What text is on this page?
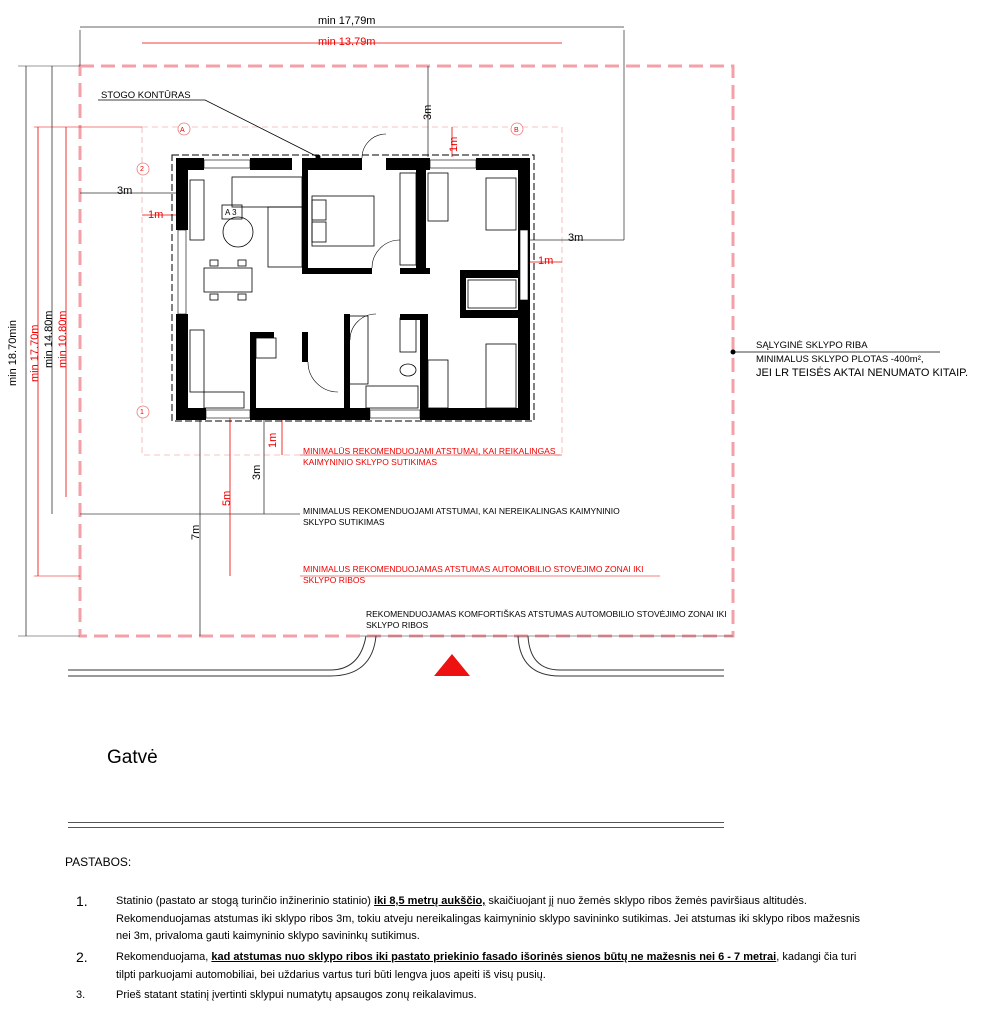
min 17,79m
min 13.79m
min 18.70min min 17.70m min 14.80m min 10.80m
3m
1m
3m
1m
3m
1m
1m
3m
5m
7m
A	B
2
1
A 3
STOGO KONTŪRAS
SĄLYGINĖ SKLYPO RIBA
MINIMALUS SKLYPO PLOTAS -400m²,
JEI LR TEISĖS AKTAI NENUMATO KITAIP.
MINIMALŪS REKOMENDUOJAMI ATSTUMAI, KAI REIKALINGAS
KAIMYNINIO SKLYPO SUTIKIMAS
MINIMALUS REKOMENDUOJAMI ATSTUMAI, KAI NEREIKALINGAS KAIMYNINIO
SKLYPO SUTIKIMAS
MINIMALUS REKOMENDUOJAMAS ATSTUMAS AUTOMOBILIO STOVĖJIMO ZONAI IKI
SKLYPO RIBOS
REKOMENDUOJAMAS KOMFORTIŠKAS ATSTUMAS AUTOMOBILIO STOVĖJIMO ZONAI IKI
SKLYPO RIBOS
Gatvė
PASTABOS:
1.	Statinio (pastato ar stogą turinčio inžinerinio statinio) iki 8,5 metrų aukščio, skaičiuojant jį nuo žemės sklypo ribos žemės paviršiaus altitudės. Rekomenduojamas atstumas iki sklypo ribos 3m, tokiu atveju nereikalingas kaimyninio sklypo savininko sutikimas. Jei atstumas iki sklypo ribos mažesnis nei 3m, privaloma gauti kaimyninio sklypo savininkų sutikimus.
2.	Rekomenduojama, kad atstumas nuo sklypo ribos iki pastato priekinio fasado išorinės sienos būtų ne mažesnis nei 6 - 7 metrai, kadangi čia turi tilpti parkuojami automobiliai, bei uždarius vartus turi būti lengva juos apeiti iš visų pusių.
3.	Prieš statant statinį įvertinti sklypui numatytų apsaugos zonų reikalavimus.
